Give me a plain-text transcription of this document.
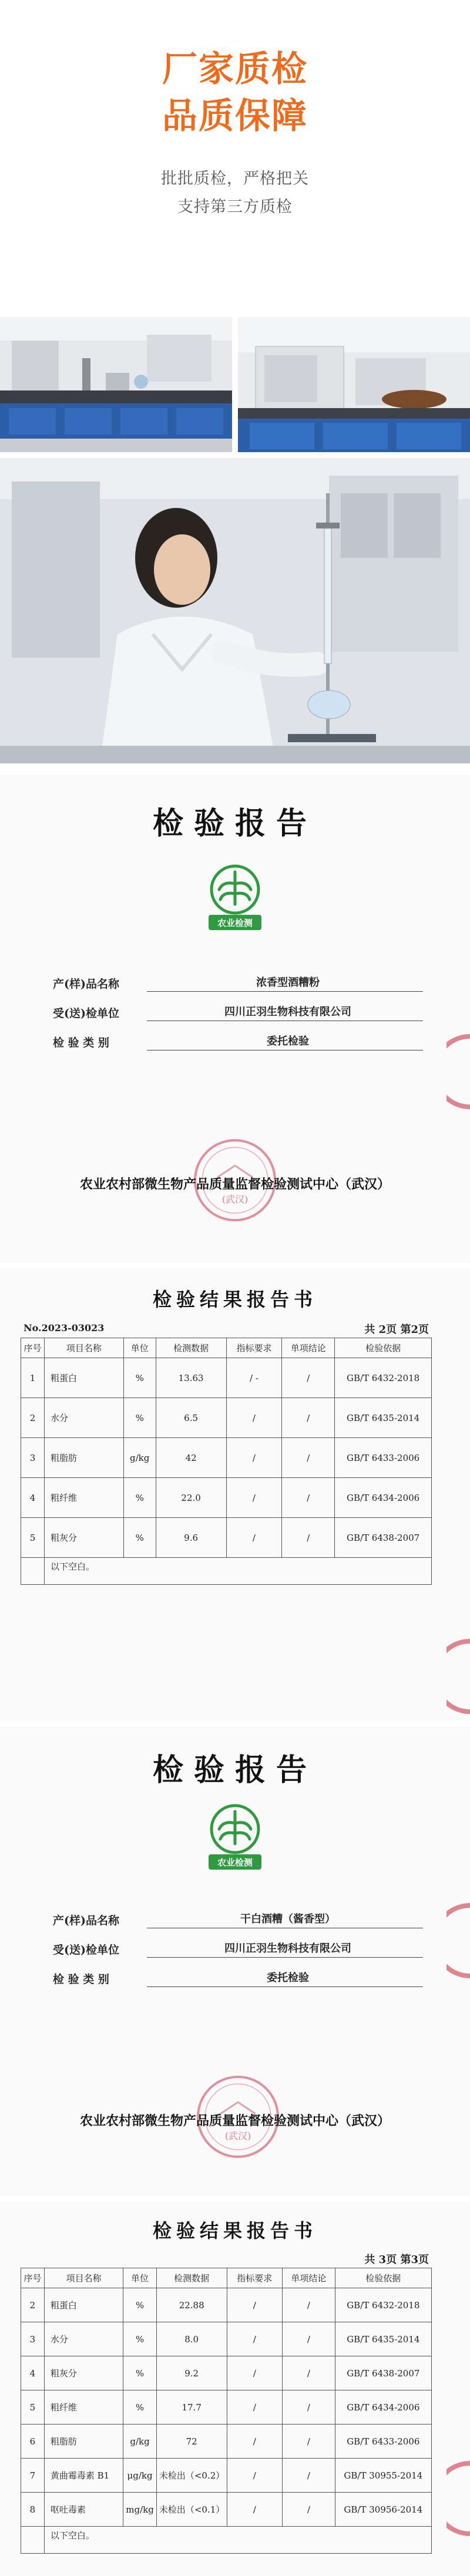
厂家质检
品质保障
批批质检，严格把关
支持第三方质检
检验报告
农业检测
产(样)品名称	浓香型酒糟粉
受(送)检单位	四川正羽生物科技有限公司
检 验 类 别	委托检验
(武汉)
农业农村部微生物产品质量监督检验测试中心（武汉）
检验结果报告书
No.2023-03023	共 2页 第2页
序号	项目名称	单位	检测数据	指标要求	单项结论	检验依据
1	粗蛋白	%	13.63	/ -	/	GB/T 6432-2018
2	水分	%	6.5	/	/	GB/T 6435-2014
3	粗脂肪	g/kg	42	/	/	GB/T 6433-2006
4	粗纤维	%	22.0	/	/	GB/T 6434-2006
5	粗灰分	%	9.6	/	/	GB/T 6438-2007
	以下空白。					
检验报告
农业检测
产(样)品名称	干白酒糟（酱香型）
受(送)检单位	四川正羽生物科技有限公司
检 验 类 别	委托检验
(武汉)
农业农村部微生物产品质量监督检验测试中心（武汉）
检验结果报告书
共 3页 第3页
序号	项目名称	单位	检测数据	指标要求	单项结论	检验依据
2	粗蛋白	%	22.88	/	/	GB/T 6432-2018
3	水分	%	8.0	/	/	GB/T 6435-2014
4	粗灰分	%	9.2	/	/	GB/T 6438-2007
5	粗纤维	%	17.7	/	/	GB/T 6434-2006
6	粗脂肪	g/kg	72	/	/	GB/T 6433-2006
7	黄曲霉毒素 B1	μg/kg	未检出（<0.2）	/	/	GB/T 30955-2014
8	呕吐毒素	mg/kg	未检出（<0.1）	/	/	GB/T 30956-2014
	以下空白。					
